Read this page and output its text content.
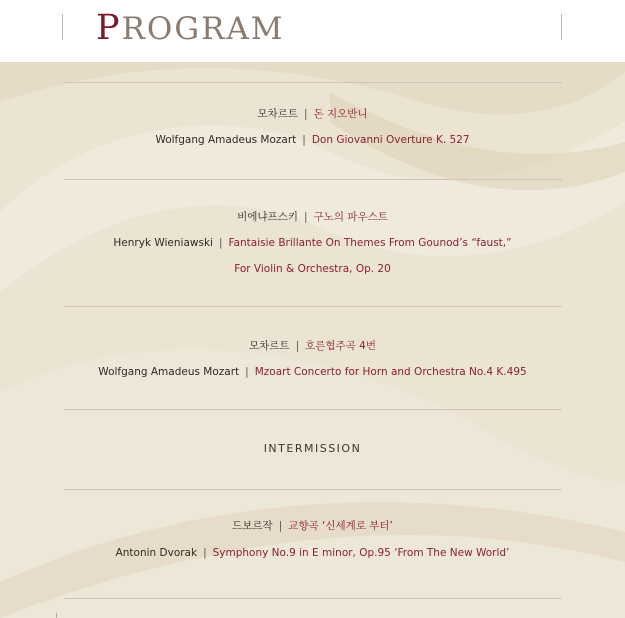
PROGRAM
모차르트 | 돈 지오반니
Wolfgang Amadeus Mozart | Don Giovanni Overture K. 527
비에냐프스키 | 구노의 파우스트
Henryk Wieniawski | Fantaisie Brillante On Themes From Gounod’s “faust,”
For Violin & Orchestra, Op. 20
모차르트 | 호른협주곡 4번
Wolfgang Amadeus Mozart | Mzoart Concerto for Horn and Orchestra No.4 K.495
INTERMISSION
드보르작 | 교향곡 ‘신세계로 부터’
Antonin Dvorak | Symphony No.9 in E minor, Op.95 ‘From The New World’
